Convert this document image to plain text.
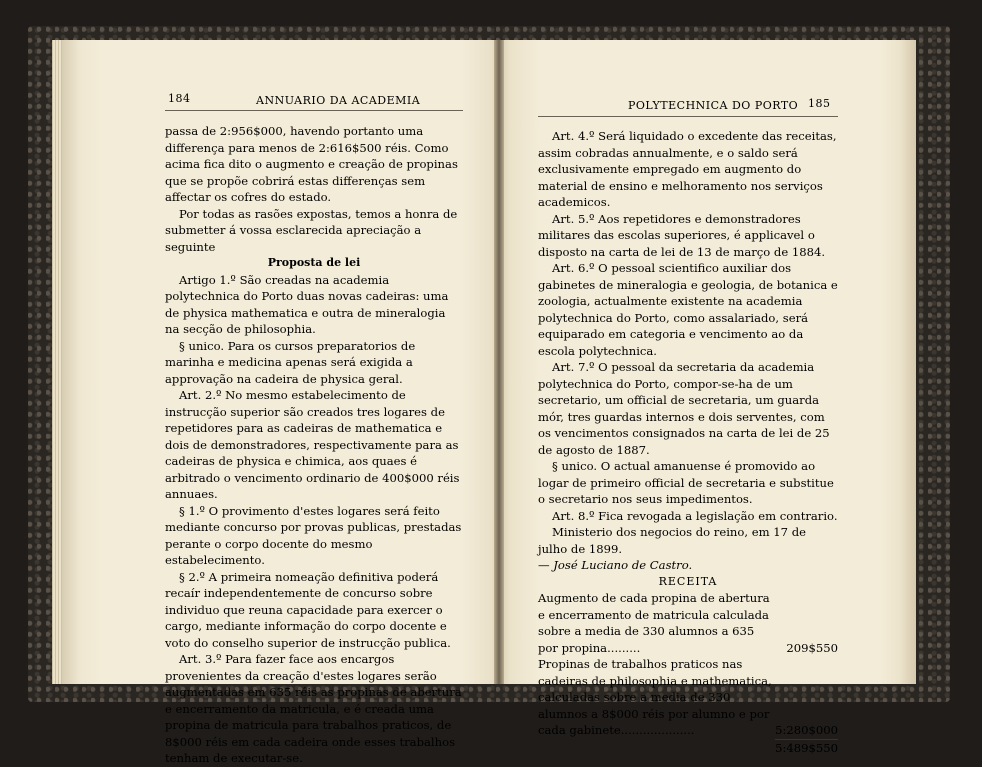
184	ANNUARIO DA ACADEMIA

passa de 2:956$000, havendo portanto uma differença para menos de 2:616$500 réis. Como acima fica dito o augmento e creação de propinas que se propõe cobrirá estas differenças sem affectar os cofres do estado.

Por todas as rasões expostas, temos a honra de submetter á vossa esclarecida apreciação a seguinte

Proposta de lei

Artigo 1.º São creadas na academia polytechnica do Porto duas novas cadeiras: uma de physica mathematica e outra de mineralogia na secção de philosophia.

§ unico. Para os cursos preparatorios de marinha e medicina apenas será exigida a approvação na cadeira de physica geral.

Art. 2.º No mesmo estabelecimento de instrucção superior são creados tres logares de repetidores para as cadeiras de mathematica e dois de demonstradores, respectivamente para as cadeiras de physica e chimica, aos quaes é arbitrado o vencimento ordinario de 400$000 réis annuaes.

§ 1.º O provimento d'estes logares será feito mediante concurso por provas publicas, prestadas perante o corpo docente do mesmo estabelecimento.

§ 2.º A primeira nomeação definitiva poderá recaír independentemente de concurso sobre individuo que reuna capacidade para exercer o cargo, mediante informação do corpo docente e voto do conselho superior de instrucção publica.

Art. 3.º Para fazer face aos encargos provenientes da creação d'estes logares serão augmentadas em 635 réis as propinas de abertura e encerramento da matricula, e é creada uma propina de matricula para trabalhos praticos, de 8$000 réis em cada cadeira onde esses trabalhos tenham de executar-se.

POLYTECHNICA DO PORTO 185

Art. 4.º Será liquidado o excedente das receitas, assim cobradas annualmente, e o saldo será exclusivamente empregado em augmento do material de ensino e melhoramento nos serviços academicos.

Art. 5.º Aos repetidores e demonstradores militares das escolas superiores, é applicavel o disposto na carta de lei de 13 de março de 1884.

Art. 6.º O pessoal scientifico auxiliar dos gabinetes de mineralogia e geologia, de botanica e zoologia, actualmente existente na academia polytechnica do Porto, como assalariado, será equiparado em categoria e vencimento ao da escola polytechnica.

Art. 7.º O pessoal da secretaria da academia polytechnica do Porto, compor-se-ha de um secretario, um official de secretaria, um guarda mór, tres guardas internos e dois serventes, com os vencimentos consignados na carta de lei de 25 de agosto de 1887.

§ unico. O actual amanuense é promovido ao logar de primeiro official de secretaria e substitue o secretario nos seus impedimentos.

Art. 8.º Fica revogada a legislação em contrario.

Ministerio dos negocios do reino, em 17 de julho de 1899.

— José Luciano de Castro.

RECEITA

Augmento de cada propina de abertura e encerramento de matricula calculada sobre a media de 330 alumnos a 635 por propina.........	209$550
Propinas de trabalhos praticos nas cadeiras de philosophia e mathematica, calculadas sobre a media de 330 alumnos a 8$000 réis por alumno e por cada gabinete....................	5:280$000
5:489$550
